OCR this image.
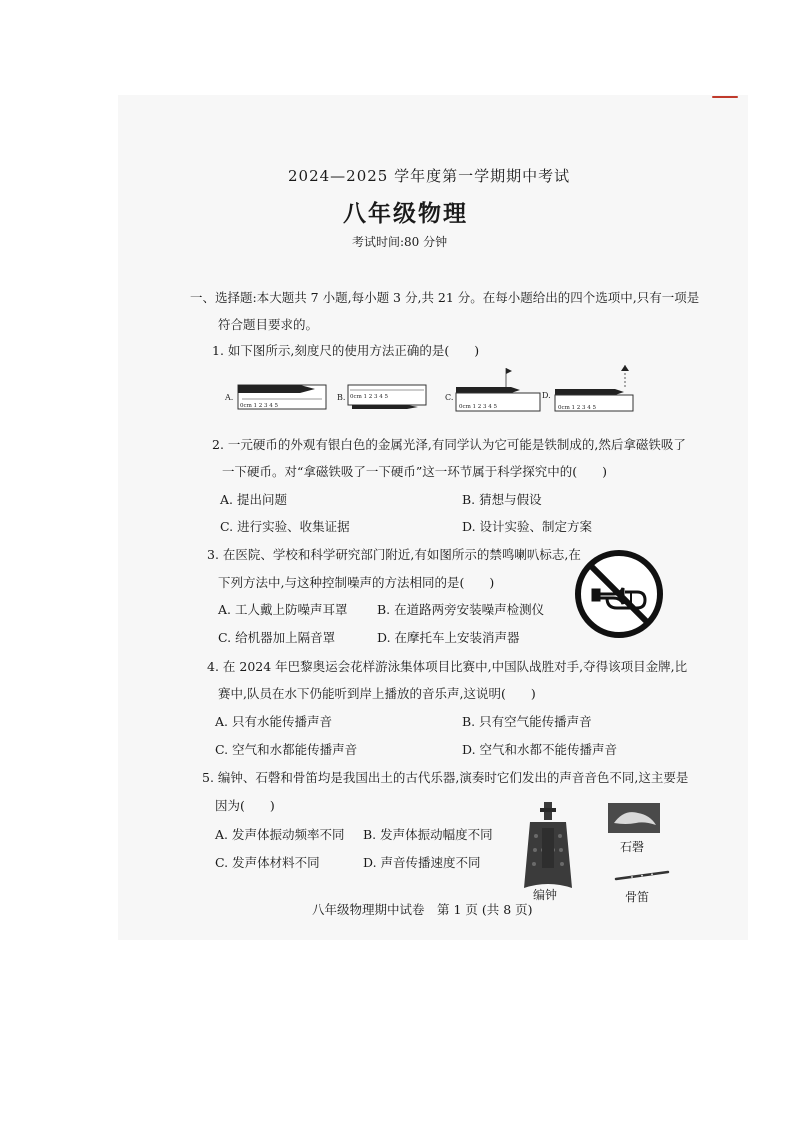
2024—2025 学年度第一学期期中考试
八年级物理
考试时间:80 分钟
一、选择题:本大题共 7 小题,每小题 3 分,共 21 分。在每小题给出的四个选项中,只有一项是
符合题目要求的。
1. 如下图所示,刻度尺的使用方法正确的是(　　)
A.
0cm 1 2 3 4 5
B. 0cm 1 2 3 4 5	C.
0cm 1 2 3 4 5
D.
0cm 1 2 3 4 5
2. 一元硬币的外观有银白色的金属光泽,有同学认为它可能是铁制成的,然后拿磁铁吸了
一下硬币。对“拿磁铁吸了一下硬币”这一环节属于科学探究中的(　　)
A. 提出问题	B. 猜想与假设
C. 进行实验、收集证据	D. 设计实验、制定方案
3. 在医院、学校和科学研究部门附近,有如图所示的禁鸣喇叭标志,在
下列方法中,与这种控制噪声的方法相同的是(　　)
A. 工人戴上防噪声耳罩 B. 在道路两旁安装噪声检测仪
C. 给机器加上隔音罩	D. 在摩托车上安装消声器
4. 在 2024 年巴黎奥运会花样游泳集体项目比赛中,中国队战胜对手,夺得该项目金牌,比
赛中,队员在水下仍能听到岸上播放的音乐声,这说明(　　)
A. 只有水能传播声音	B. 只有空气能传播声音
C. 空气和水都能传播声音	D. 空气和水都不能传播声音
5. 编钟、石磬和骨笛均是我国出土的古代乐器,演奏时它们发出的声音音色不同,这主要是
因为(　　)
A. 发声体振动频率不同 B. 发声体振动幅度不同
C. 发声体材料不同	D. 声音传播速度不同
编钟
石磬
骨笛
八年级物理期中试卷　第 1 页 (共 8 页)
